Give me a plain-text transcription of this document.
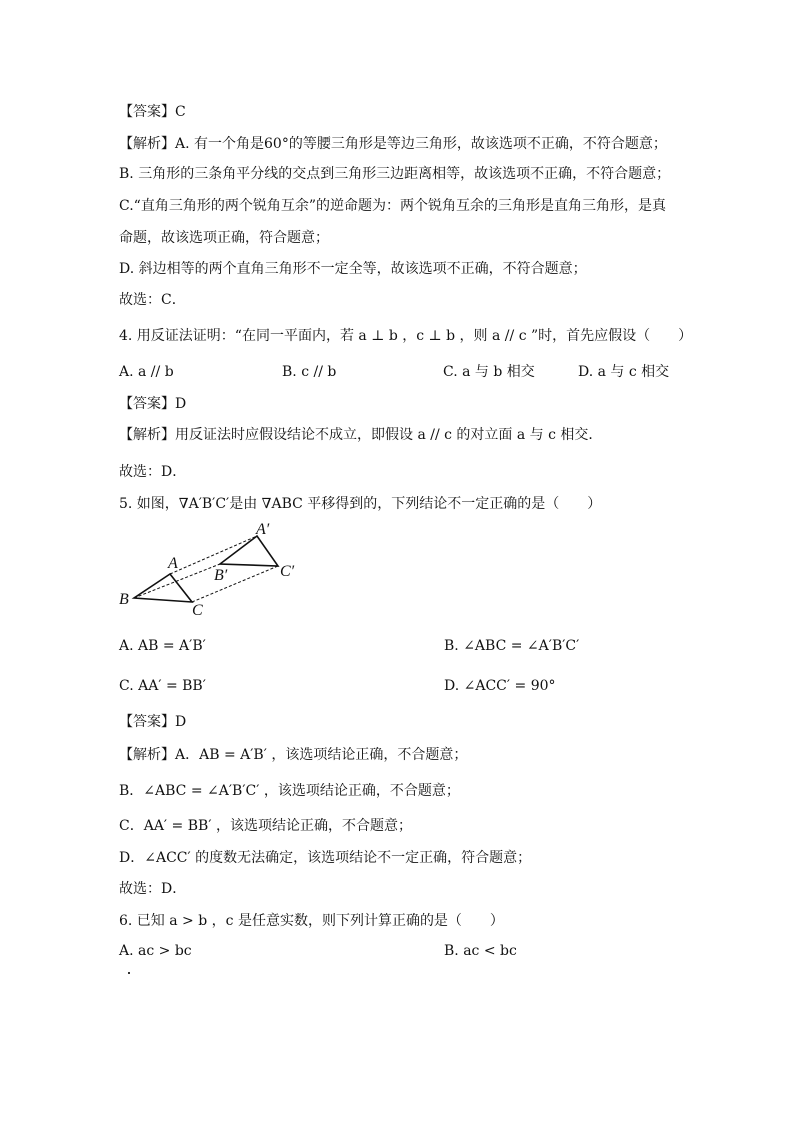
【答案】C
【解析】A. 有一个角是60°的等腰三角形是等边三角形，故该选项不正确，不符合题意；
B. 三角形的三条角平分线的交点到三角形三边距离相等，故该选项不正确，不符合题意；
C.“直角三角形的两个锐角互余”的逆命题为：两个锐角互余的三角形是直角三角形，是真
命题，故该选项正确，符合题意；
D. 斜边相等的两个直角三角形不一定全等，故该选项不正确，不符合题意；
故选：C．
4. 用反证法证明：“在同一平面内，若 a ⊥ b ，c ⊥ b ，则 a // c ”时，首先应假设（　　）
A. a // b	B. c // b	C. a 与 b 相交	D. a 与 c 相交
【答案】D
【解析】用反证法时应假设结论不成立，即假设 a // c 的对立面 a 与 c 相交．
故选：D．
5. 如图，∇A′B′C′是由 ∇ABC 平移得到的，下列结论不一定正确的是（　　）
A′
A
B′	C′
B
C
A. AB = A′B′	B. ∠ABC = ∠A′B′C′
C. AA′ = BB′	D. ∠ACC′ = 90°
【答案】D
【解析】A．AB = A′B′ ，该选项结论正确，不合题意；
B．∠ABC = ∠A′B′C′ ，该选项结论正确，不合题意；
C．AA′ = BB′ ，该选项结论正确，不合题意；
D．∠ACC′ 的度数无法确定，该选项结论不一定正确，符合题意；
故选：D．
6. 已知 a > b ，c 是任意实数，则下列计算正确的是（　　）
A. ac > bc	B. ac < bc
